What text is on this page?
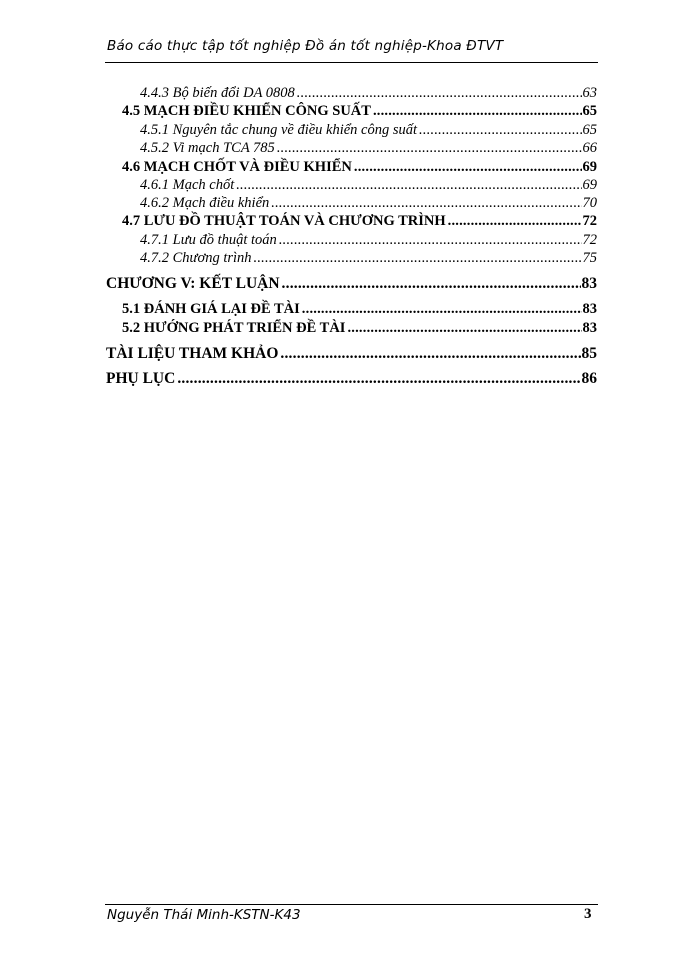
Báo cáo thực tập tốt nghiệp Đồ án tốt nghiệp-Khoa ĐTVT
4.4.3 Bộ biến đổi DA 0808 .....	63
4.5 MẠCH ĐIỀU KHIỂN CÔNG SUẤT .....	65
4.5.1 Nguyên tắc chung về điều khiển công suất .....	65
4.5.2 Vi mạch TCA 785 .....	66
4.6 MẠCH CHỐT VÀ ĐIỀU KHIỂN .....	69
4.6.1 Mạch chốt .....	69
4.6.2 Mạch điều khiển .....	70
4.7 LƯU ĐỒ THUẬT TOÁN VÀ CHƯƠNG TRÌNH .....	72
4.7.1 Lưu đồ thuật toán .....	72
4.7.2 Chương trình .....	75
CHƯƠNG V: KẾT LUẬN .....	83
5.1 ĐÁNH GIÁ LẠI ĐỀ TÀI .....	83
5.2 HƯỚNG PHÁT TRIỂN ĐỀ TÀI .....	83
TÀI LIỆU THAM KHẢO .....	85
PHỤ LỤC .....	86
Nguyễn Thái Minh-KSTN-K43	3
